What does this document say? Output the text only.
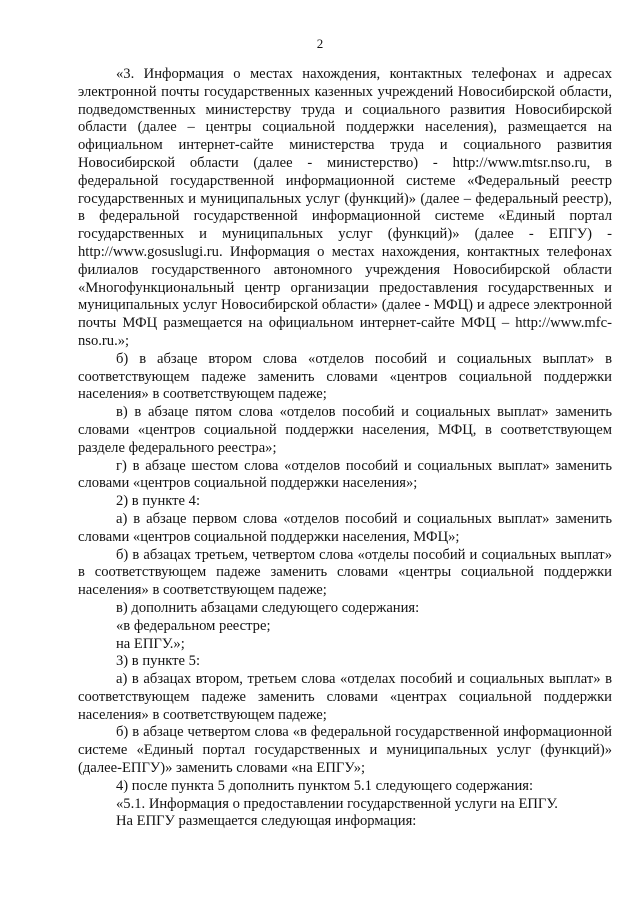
2

«3. Информация о местах нахождения, контактных телефонах и адресах электронной почты государственных казенных учреждений Новосибирской области, подведомственных министерству труда и социального развития Новосибирской области (далее – центры социальной поддержки населения), размещается на официальном интернет-сайте министерства труда и социального развития Новосибирской области (далее - министерство) - http://www.mtsr.nso.ru, в федеральной государственной информационной системе «Федеральный реестр государственных и муниципальных услуг (функций)» (далее – федеральный реестр), в федеральной государственной информационной системе «Единый портал государственных и муниципальных услуг (функций)» (далее - ЕПГУ) - http://www.gosuslugi.ru. Информация о местах нахождения, контактных телефонах филиалов государственного автономного учреждения Новосибирской области «Многофункциональный центр организации предоставления государственных и муниципальных услуг Новосибирской области» (далее - МФЦ) и адресе электронной почты МФЦ размещается на официальном интернет-сайте МФЦ – http://www.mfc-nso.ru.»;

б) в абзаце втором слова «отделов пособий и социальных выплат» в соответствующем падеже заменить словами «центров социальной поддержки населения» в соответствующем падеже;

в) в абзаце пятом слова «отделов пособий и социальных выплат» заменить словами «центров социальной поддержки населения, МФЦ, в соответствующем разделе федерального реестра»;

г) в абзаце шестом слова «отделов пособий и социальных выплат» заменить словами «центров социальной поддержки населения»;

2) в пункте 4:

а) в абзаце первом слова «отделов пособий и социальных выплат» заменить словами «центров социальной поддержки населения, МФЦ»;

б) в абзацах третьем, четвертом слова «отделы пособий и социальных выплат» в соответствующем падеже заменить словами «центры социальной поддержки населения» в соответствующем падеже;

в) дополнить абзацами следующего содержания:

«в федеральном реестре;

на ЕПГУ.»;

3) в пункте 5:

а) в абзацах втором, третьем слова «отделах пособий и социальных выплат» в соответствующем падеже заменить словами «центрах социальной поддержки населения» в соответствующем падеже;

б) в абзаце четвертом слова «в федеральной государственной информационной системе «Единый портал государственных и муниципальных услуг (функций)» (далее-ЕПГУ)» заменить словами «на ЕПГУ»;

4) после пункта 5 дополнить пунктом 5.1 следующего содержания:

«5.1. Информация о предоставлении государственной услуги на ЕПГУ.

На ЕПГУ размещается следующая информация:
